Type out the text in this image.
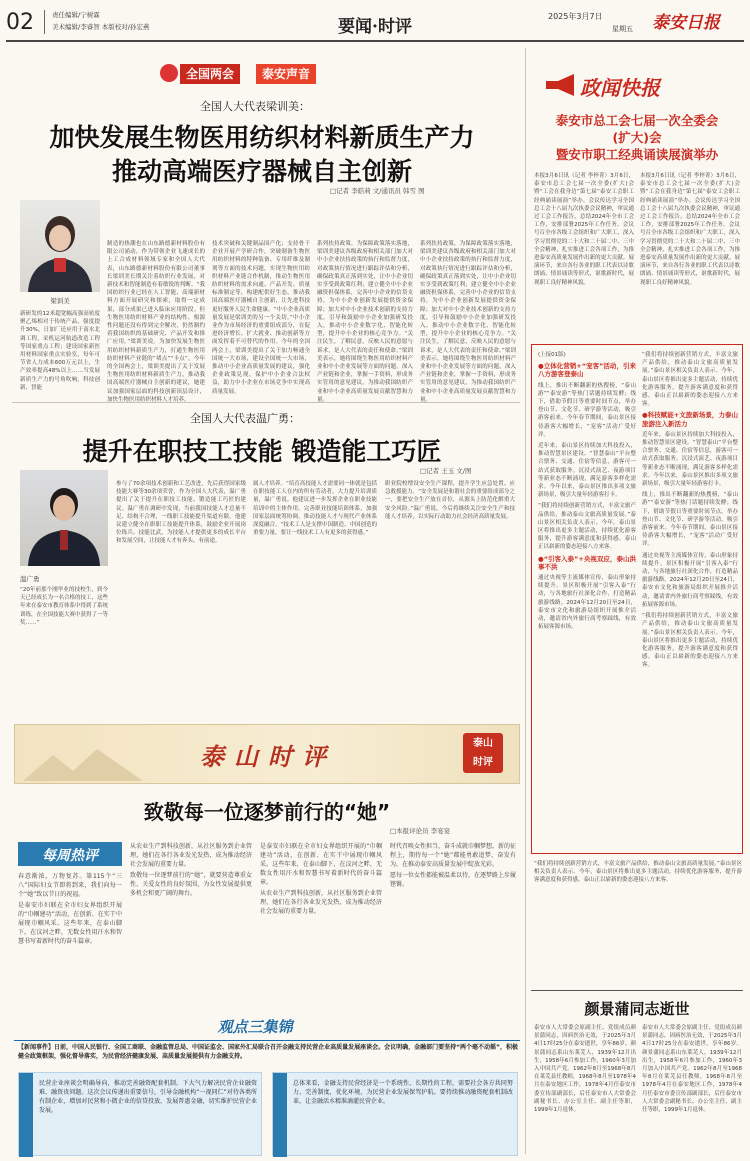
02	责任编辑/宁树霖
美术编辑/李睿智 本版校对/孙宏燕	要闻·时评
2025年3月7日
星期五 泰安日报
全国两会	泰安声音
全国人大代表梁训美：
加快发展生物医用纺织材料新质生产力
推动高端医疗器械自主创新
□记者 李皓莉 文/通讯员 韩雪 图
梁训美
新研发的12米超宽幅高强高密度聚乙烯相对于传统产品，强度提升30%，日加厂还应用于南水北调工程，采机运河航道改造工程等国家重点工程；建设国家新医用材料国家重点实验室，每年可节省人力成本600万元以上，生产效率提高48%以上……当发展新质生产力的号角吹响，科技创新、智能
制造的热潮也在山东路德新材料股份有限公司涌动。作为带领企业飞速成长的上工合成材料领域专家和全国人大代表，山东路德新材料股份有限公司董事长梁训美长期关注着纺织行业发展，对新技术和智能制造有着敏锐的判断。“我国纺织行业已经在人工智能、高端新材料方面开展研究和探索，取得一定成果，部分成果已进入临床应用阶段。但生物医用纺织材料产业的结构性、根源性问题还没有得到完全解决，仍然制约着我国纺织的基础研究、产品开发和推广应用。”梁训美说。为加快发展生物医用纺织材料新质生产力，打通生物医用纺织材料产业链的“堵点”“卡点”，今年的全国两会上，梁训美提出了关于发展生物医用纺织材料新质生产力，推动我国高端医疗器械自主创新的建议，她建议加强国家层面的科技创新顶层设计，加快生物医用纺织材料人才培养。
技术突破和关键制品国产化；支持骨干企业开展产学研合作，突破制备生物医用纺织材料的特种装备、专用纤维及制剂等方面的技术问题，实现生物医用纺织材料产业链合作机制，推动生物医用纺织材料的需求向通、产品开发、质量标准制定等，构建配供好生态，推动我国高端医疗器械自主创新，让先进科技更好服务人民生命健康。“中小企业高质量发展是梁训美的另一个关切。”中小企业作为市场经济的重要组成部分，在促进经济增长、扩大就业、推动创新等方面发挥着不可替代的作用。今年的全国两会上，梁训美提出了关于加力畅通全国统一大市场，建设全国统一大市场，推动中小企业高质量发展的建议，强化企业政策兑现，保护中小企业合法权益，助力中小企业在市场竞争中实现高质量发展。
系列扶持政策。为保障政策落实落地，梁训美建议各级政府和相关部门加大对中小企业扶持政策的执行和监督力度，对政策执行情况进行跟踪评估和分析，确保政策真正落到实处，让中小企业切实享受到政策红利；建立健全中小企业融资担保体系，完善中小企业的信贷支持，为中小企业创新发展提供资金保障；加大对中小企业技术创新的支持力度，引导和鼓励中小企业加强研发投入，推动中小企业数字化、智能化转型，提升中小企业的核心竞争力。“关注民生，了解民意，反映人民的意愿与诉求，是人大代表的责任和使命。”梁训美表示，她将围绕生物医用纺织材料产业和中小企业发展等方面的问题，深入产业链和企业，掌握一手资料，形成务实管用的意见建议，为推动我国纺织产业和中小企业高质量发展贡献智慧和力量。
系列扶持政策。为保障政策落实落地，梁训美建议各级政府和相关部门加大对中小企业扶持政策的执行和监督力度，对政策执行情况进行跟踪评估和分析，确保政策真正落到实处，让中小企业切实享受到政策红利；建立健全中小企业融资担保体系，完善中小企业的信贷支持，为中小企业创新发展提供资金保障；加大对中小企业技术创新的支持力度，引导和鼓励中小企业加强研发投入，推动中小企业数字化、智能化转型，提升中小企业的核心竞争力。“关注民生，了解民意，反映人民的意愿与诉求，是人大代表的责任和使命。”梁训美表示，她将围绕生物医用纺织材料产业和中小企业发展等方面的问题，深入产业链和企业，掌握一手资料，形成务实管用的意见建议，为推动我国纺织产业和中小企业高质量发展贡献智慧和力量。
全国人大代表温广勇：
提升在职技工技能 锻造能工巧匠
□记者 王玉 文/图
温广勇
“20年前那个刚毕业的技校生，到今天已经成长为一名合格的技工，这些年来在泰安市教育体系中得到了系统训练，在全国技能大赛中获得了一等奖……”
参与了70余项技术创新和工艺改进，先后获得国家级技能大赛等30余项荣誉，作为全国人大代表，温广勇提出了关于提升在职技工技能、锻造能工巧匠的建议。温广勇在调研中发现，当前我国技能人才总量不足、结构不合理，一线职工技能提升渠道有限。他建议建立健全在职职工技能提升体系，鼓励企业开展岗位练兵、技能比武，为技能人才提供更多的成长平台和发展空间，让技能人才有奔头、有前途。
属人才培养。“培育高技能人才需要同一体就是包括在职技能工人在内的所有劳动者，大力提升培训质量，温广勇说。他建议进一步发挥企业在职业技能培训中的主体作用，完善职业技能培训体系，加强国家层面统筹协调，推动技能人才与现代产业体系深度融合。“技术工人是支撑中国制造、中国创造的重要力量，要让一线技术工人有更多的获得感。”
职业院校增设安全生产课程，提升学生应急处置、应急救援能力。“安全发展是和谐社会的重要组成部分之一，要把安全生产放在首位，从源头上防范化解重大安全风险。”温广勇说，今后将继续关注安全生产和技能人才培养，以实际行动助力社会经济高质量发展。
泰山时评	泰山时评
致敬每一位逐梦前行的“她”
□本报评论员 李宴宴
每周热评

春意渐浓，万物复苏。第115个“三八”国际妇女节即将到来，我们向每一个“她”致以节日的祝福。

是泰安市妇联在全市妇女界组织开展的“巾帼建功”活动，在创新、在实干中展现巾帼风采。这些年来，在泰山脚下，在汶河之畔，无数女性用汗水和智慧书写着新时代的奋斗篇章。

从农业生产到科技创新，从社区服务到企业管理，她们在各行各业发光发热，成为推动经济社会发展的重要力量。

致敬每一位逐梦前行的“她”，就要营造尊重女性、关爱女性的良好氛围，为女性发展提供更多机会和更广阔的舞台。

是泰安市妇联在全市妇女界组织开展的“巾帼建功”活动，在创新、在实干中展现巾帼风采。这些年来，在泰山脚下，在汶河之畔，无数女性用汗水和智慧书写着新时代的奋斗篇章。

从农业生产到科技创新，从社区服务到企业管理，她们在各行各业发光发热，成为推动经济社会发展的重要力量。

时代召唤女性担当，奋斗成就巾帼梦想。新的征程上，期待每一个“她”都能勇敢追梦，奋发有为，在推动泰安高质量发展中绽放光彩。

愿每一位女性都能被温柔以待，在逐梦路上步履铿锵。

观点三集锦
【新闻事件】日前，中国人民银行、全国工商联、金融监管总局、中国证监会、国家外汇局联合召开金融支持民营企业高质量发展座谈会。会议明确，金融部门要坚持“两个毫不动摇”，积极健全政策框架，强化督导落实，为民营经济健康发展、高质量发展提供有力金融支持。
民营企业座谈会明确导向，推动完善融资配套机制。下大气力解决民营企业融资难、融资贵问题。这次会议传递出重要信号，引导金融机构“一视同仁”对待各类所有制企业，增加对民营和小微企业的信贷投放，发展普惠金融，切实维护民营企业发展。
总体来看，金融支持民营经济是一个系统性、长期性的工程，需要社会各方共同努力，完善制度，优化环境，为民营企业发展保驾护航。要持续推动融资配套机制改革，让金融活水精准滴灌民营企业。
政闻快报
泰安市总工会七届一次全委会
(扩大)会
暨安市职工经典诵读展演举办
本报3月6日讯（记者 李梓菁）3月6日，泰安市总工会七届一次全委(扩大)会暨“工会在我身边”第七届“泰安工会职工经典诵读展演”举办。会议传达学习全国总工会十八届九次执委会议精神，审议通过工会工作报告，总结2024年全市工会工作，安排部署2025年工作任务。会议号召全市各级工会组织和广大职工，深入学习贯彻党的二十大和二十届二中、三中全会精神，扎实推进工会各项工作，为推进泰安高质量发展作出新的更大贡献。展演环节，来自各行各业的职工代表以诗歌朗诵、情景诵读等形式，讴歌新时代，展现职工良好精神风貌。
本报3月6日讯（记者 李梓菁）3月6日，泰安市总工会七届一次全委(扩大)会暨“工会在我身边”第七届“泰安工会职工经典诵读展演”举办。会议传达学习全国总工会十八届九次执委会议精神，审议通过工会工作报告，总结2024年全市工会工作，安排部署2025年工作任务。会议号召全市各级工会组织和广大职工，深入学习贯彻党的二十大和二十届二中、三中全会精神，扎实推进工会各项工作，为推进泰安高质量发展作出新的更大贡献。展演环节，来自各行各业的职工代表以诗歌朗诵、情景诵读等形式，讴歌新时代，展现职工良好精神风貌。

(上接01版)

●立体化营销+“宠客”活动，引来八方游客登泰山

线上，推出不断翻新的热搜榜，“泰山游”“泰安游”等热门话题持续发酵；线下，借助节假日等重要时间节点，举办登山节、文化节、研学游等活动，吸引游客前来。今年春节期间，泰山景区接待游客大幅增长，“宠客”活动广受好评。

近年来，泰山景区持续加大科技投入，推动智慧景区建设。“智慧泰山”平台整合票务、交通、住宿等信息，游客可一站式获取服务。沉浸式演艺、夜游项目等新业态不断涌现，满足游客多样化需求。今年以来，泰山景区推出多项文旅新场景，吸引大量年轻游客打卡。

“我们将持续创新营销方式，丰富文旅产品供给，推动泰山文旅高质量发展。”泰山景区相关负责人表示。今年，泰山景区将推出更多主题活动，持续优化游客服务，提升游客满意度和获得感。泰山正以崭新的姿态迎接八方来客。

●“引客入泰”+央视双应，泰山洪事不洪

通过央视等主流媒体宣传，泰山形象持续提升。景区积极开展“引客入泰”行动，与各地旅行社深化合作，打造精品旅游线路。2024年12月20日至24日，泰安市文化和旅游局组织开展推介活动，邀请省内外旅行商考察踩线，有效拓展客源市场。

“我们将持续创新营销方式，丰富文旅产品供给，推动泰山文旅高质量发展。”泰山景区相关负责人表示。今年，泰山景区将推出更多主题活动，持续优化游客服务，提升游客满意度和获得感。泰山正以崭新的姿态迎接八方来客。

●科技赋能+文旅新场景，力泰山旅游注入新活力

近年来，泰山景区持续加大科技投入，推动智慧景区建设。“智慧泰山”平台整合票务、交通、住宿等信息，游客可一站式获取服务。沉浸式演艺、夜游项目等新业态不断涌现，满足游客多样化需求。今年以来，泰山景区推出多项文旅新场景，吸引大量年轻游客打卡。

线上，推出不断翻新的热搜榜，“泰山游”“泰安游”等热门话题持续发酵；线下，借助节假日等重要时间节点，举办登山节、文化节、研学游等活动，吸引游客前来。今年春节期间，泰山景区接待游客大幅增长，“宠客”活动广受好评。

通过央视等主流媒体宣传，泰山形象持续提升。景区积极开展“引客入泰”行动，与各地旅行社深化合作，打造精品旅游线路。2024年12月20日至24日，泰安市文化和旅游局组织开展推介活动，邀请省内外旅行商考察踩线，有效拓展客源市场。

“我们将持续创新营销方式，丰富文旅产品供给，推动泰山文旅高质量发展。”泰山景区相关负责人表示。今年，泰山景区将推出更多主题活动，持续优化游客服务，提升游客满意度和获得感。泰山正以崭新的姿态迎接八方来客。

颜景蒲同志逝世
泰安市人大常委会原副主任、党组成员颜景蒲同志，因病医治无效，于2025年3月4日17时25分在泰安逝世，享年86岁。颜景蒲同志系山东莱芜人，1939年12月出生，1958年6月参加工作，1960年3月加入中国共产党。1962年8月至1968年8月在莱芜县任教师，1968年8月至1978年4月在泰安地区工作，1978年4月任泰安市委宣传部副部长，后任泰安市人大常委会副秘书长、办公室主任、副主任等职，1999年1月退休。
泰安市人大常委会原副主任、党组成员颜景蒲同志，因病医治无效，于2025年3月4日17时25分在泰安逝世，享年86岁。颜景蒲同志系山东莱芜人，1939年12月出生，1958年6月参加工作，1960年3月加入中国共产党。1962年8月至1968年8月在莱芜县任教师，1968年8月至1978年4月在泰安地区工作，1978年4月任泰安市委宣传部副部长，后任泰安市人大常委会副秘书长、办公室主任、副主任等职，1999年1月退休。
“我们将持续创新营销方式，丰富文旅产品供给，推动泰山文旅高质量发展。”泰山景区相关负责人表示。今年，泰山景区将推出更多主题活动，持续优化游客服务，提升游客满意度和获得感。泰山正以崭新的姿态迎接八方来客。
